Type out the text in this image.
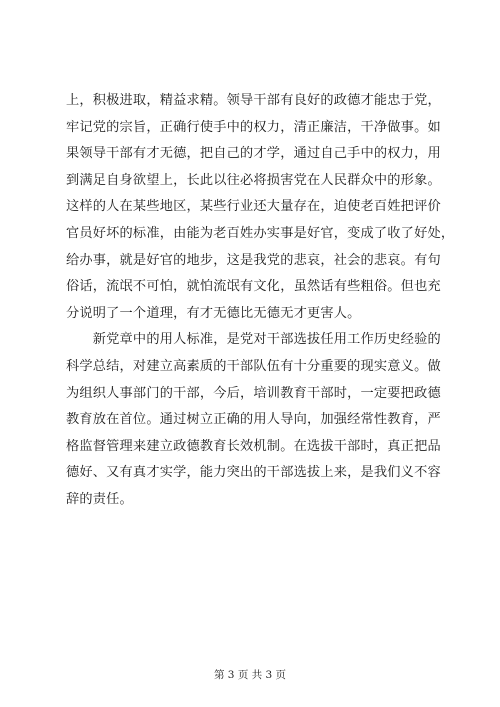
上，积极进取，精益求精。领导干部有良好的政德才能忠于党，
牢记党的宗旨，正确行使手中的权力，清正廉洁，干净做事。如
果领导干部有才无德，把自己的才学，通过自己手中的权力，用
到满足自身欲望上，长此以往必将损害党在人民群众中的形象。
这样的人在某些地区，某些行业还大量存在，迫使老百姓把评价
官员好坏的标准，由能为老百姓办实事是好官，变成了收了好处，
给办事，就是好官的地步，这是我党的悲哀，社会的悲哀。有句
俗话，流氓不可怕，就怕流氓有文化，虽然话有些粗俗。但也充
分说明了一个道理，有才无德比无德无才更害人。
　　新党章中的用人标准，是党对干部选拔任用工作历史经验的
科学总结，对建立高素质的干部队伍有十分重要的现实意义。做
为组织人事部门的干部，今后，培训教育干部时，一定要把政德
教育放在首位。通过树立正确的用人导向，加强经常性教育，严
格监督管理来建立政德教育长效机制。在选拔干部时，真正把品
德好、又有真才实学，能力突出的干部选拔上来，是我们义不容
辞的责任。
第 3 页 共 3 页
